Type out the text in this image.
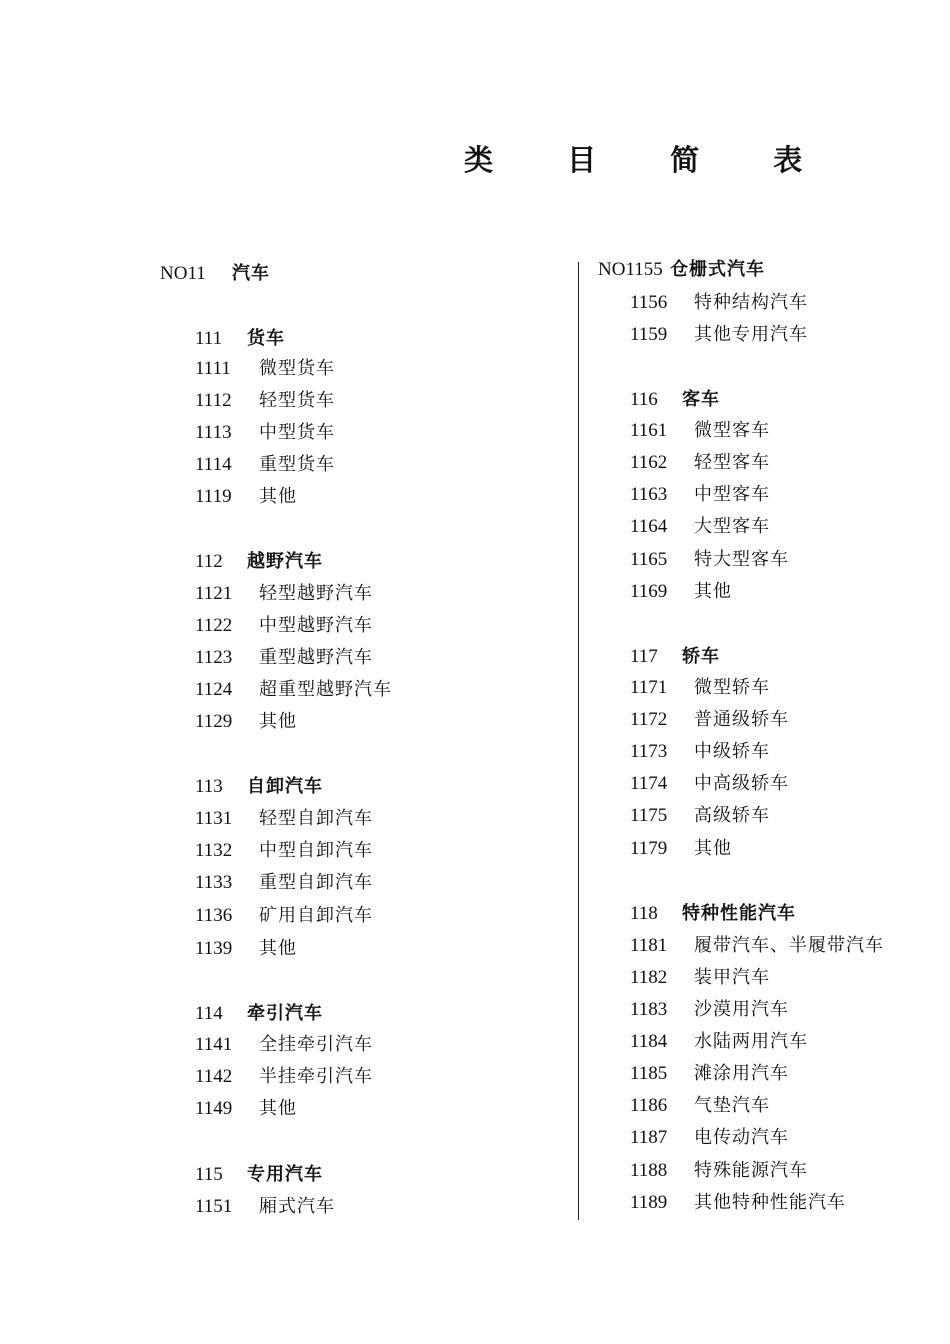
类 目 简 表
NO11	汽车
111	货车
1111	微型货车
1112	轻型货车
1113	中型货车
1114	重型货车
1119	其他
112	越野汽车
1121	轻型越野汽车
1122	中型越野汽车
1123	重型越野汽车
1124	超重型越野汽车
1129	其他
113	自卸汽车
1131	轻型自卸汽车
1132	中型自卸汽车
1133	重型自卸汽车
1136	矿用自卸汽车
1139	其他
114	牵引汽车
1141	全挂牵引汽车
1142	半挂牵引汽车
1149	其他
115	专用汽车
1151	厢式汽车
NO1155 仓栅式汽车
1156	特种结构汽车
1159	其他专用汽车
116	客车
1161	微型客车
1162	轻型客车
1163	中型客车
1164	大型客车
1165	特大型客车
1169	其他
117	轿车
1171	微型轿车
1172	普通级轿车
1173	中级轿车
1174	中高级轿车
1175	高级轿车
1179	其他
118	特种性能汽车
1181	履带汽车、半履带汽车
1182	装甲汽车
1183	沙漠用汽车
1184	水陆两用汽车
1185	滩涂用汽车
1186	气垫汽车
1187	电传动汽车
1188	特殊能源汽车
1189	其他特种性能汽车
